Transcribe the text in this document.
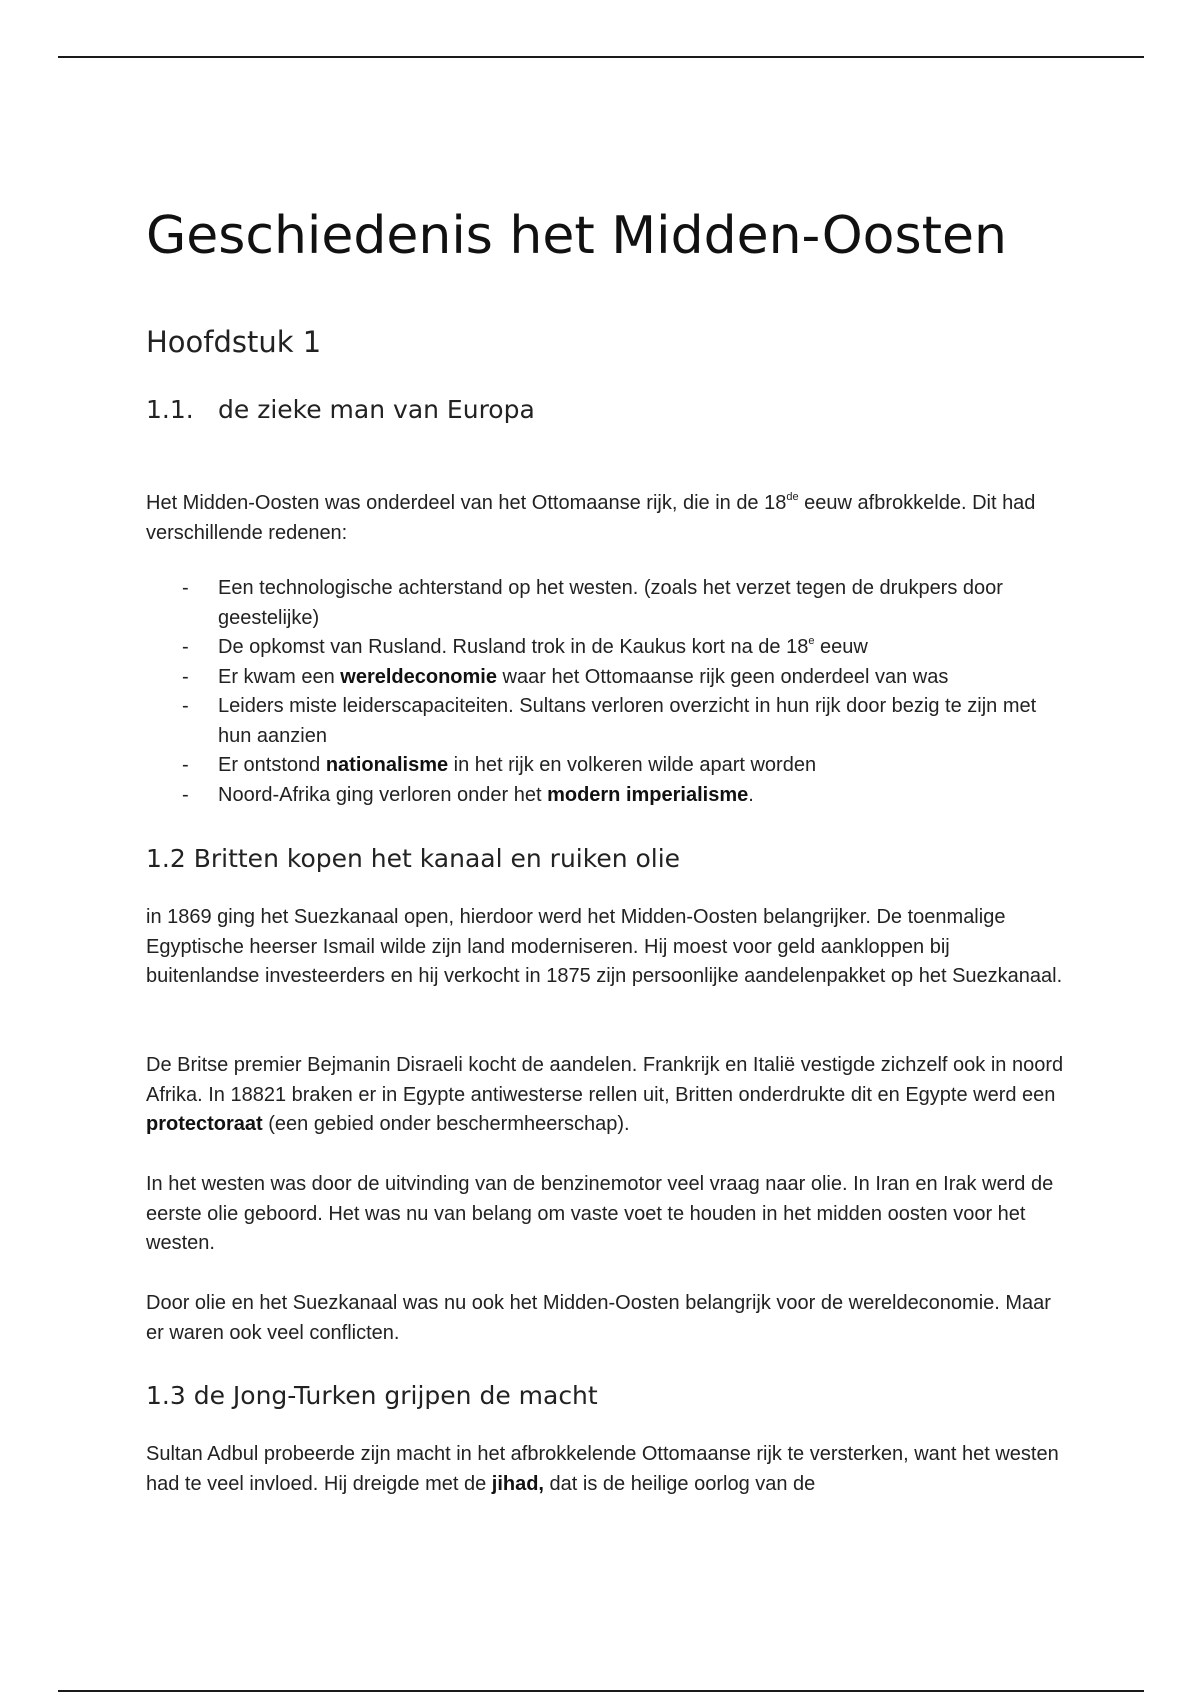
Geschiedenis het Midden-Oosten
Hoofdstuk 1
1.1. de zieke man van Europa

Het Midden-Oosten was onderdeel van het Ottomaanse rijk, die in de 18de eeuw afbrokkelde. Dit had verschillende redenen:

- Een technologische achterstand op het westen. (zoals het verzet tegen de drukpers door geestelijke)
- De opkomst van Rusland. Rusland trok in de Kaukus kort na de 18e eeuw
- Er kwam een wereldeconomie waar het Ottomaanse rijk geen onderdeel van was
- Leiders miste leiderscapaciteiten. Sultans verloren overzicht in hun rijk door bezig te zijn met hun aanzien
- Er ontstond nationalisme in het rijk en volkeren wilde apart worden
- Noord-Afrika ging verloren onder het modern imperialisme.
1.2 Britten kopen het kanaal en ruiken olie

in 1869 ging het Suezkanaal open, hierdoor werd het Midden-Oosten belangrijker. De toenmalige Egyptische heerser Ismail wilde zijn land moderniseren. Hij moest voor geld aankloppen bij buitenlandse investeerders en hij verkocht in 1875 zijn persoonlijke aandelenpakket op het Suezkanaal.

De Britse premier Bejmanin Disraeli kocht de aandelen. Frankrijk en Italië vestigde zichzelf ook in noord Afrika. In 18821 braken er in Egypte antiwesterse rellen uit, Britten onderdrukte dit en Egypte werd een protectoraat (een gebied onder beschermheerschap).

In het westen was door de uitvinding van de benzinemotor veel vraag naar olie. In Iran en Irak werd de eerste olie geboord. Het was nu van belang om vaste voet te houden in het midden oosten voor het westen.

Door olie en het Suezkanaal was nu ook het Midden-Oosten belangrijk voor de wereldeconomie. Maar er waren ook veel conflicten.

1.3 de Jong-Turken grijpen de macht

Sultan Adbul probeerde zijn macht in het afbrokkelende Ottomaanse rijk te versterken, want het westen had te veel invloed. Hij dreigde met de jihad, dat is de heilige oorlog van de
